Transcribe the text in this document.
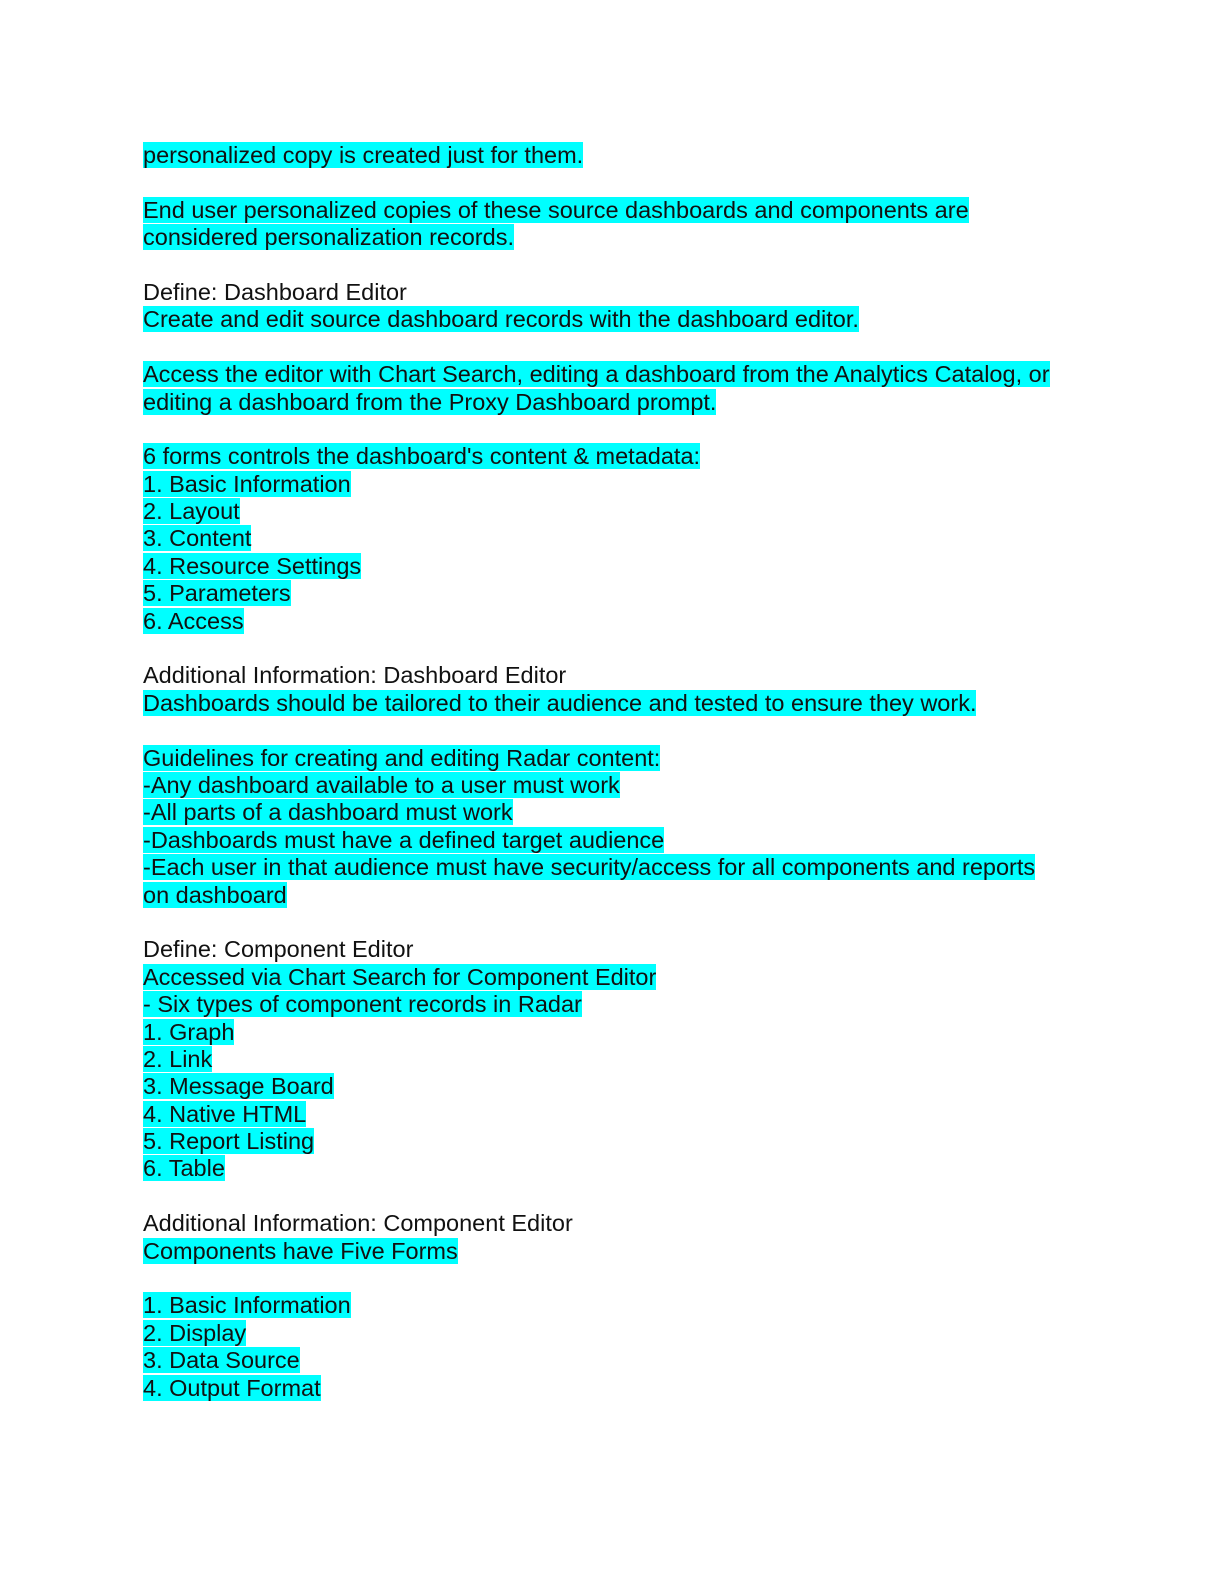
personalized copy is created just for them.
End user personalized copies of these source dashboards and components are
considered personalization records.
Define: Dashboard Editor
Create and edit source dashboard records with the dashboard editor.
Access the editor with Chart Search, editing a dashboard from the Analytics Catalog, or
editing a dashboard from the Proxy Dashboard prompt.
6 forms controls the dashboard's content & metadata:
1. Basic Information
2. Layout
3. Content
4. Resource Settings
5. Parameters
6. Access
Additional Information: Dashboard Editor
Dashboards should be tailored to their audience and tested to ensure they work.
Guidelines for creating and editing Radar content:
-Any dashboard available to a user must work
-All parts of a dashboard must work
-Dashboards must have a defined target audience
-Each user in that audience must have security/access for all components and reports
on dashboard
Define: Component Editor
Accessed via Chart Search for Component Editor
- Six types of component records in Radar
1. Graph
2. Link
3. Message Board
4. Native HTML
5. Report Listing
6. Table
Additional Information: Component Editor
Components have Five Forms
1. Basic Information
2. Display
3. Data Source
4. Output Format
